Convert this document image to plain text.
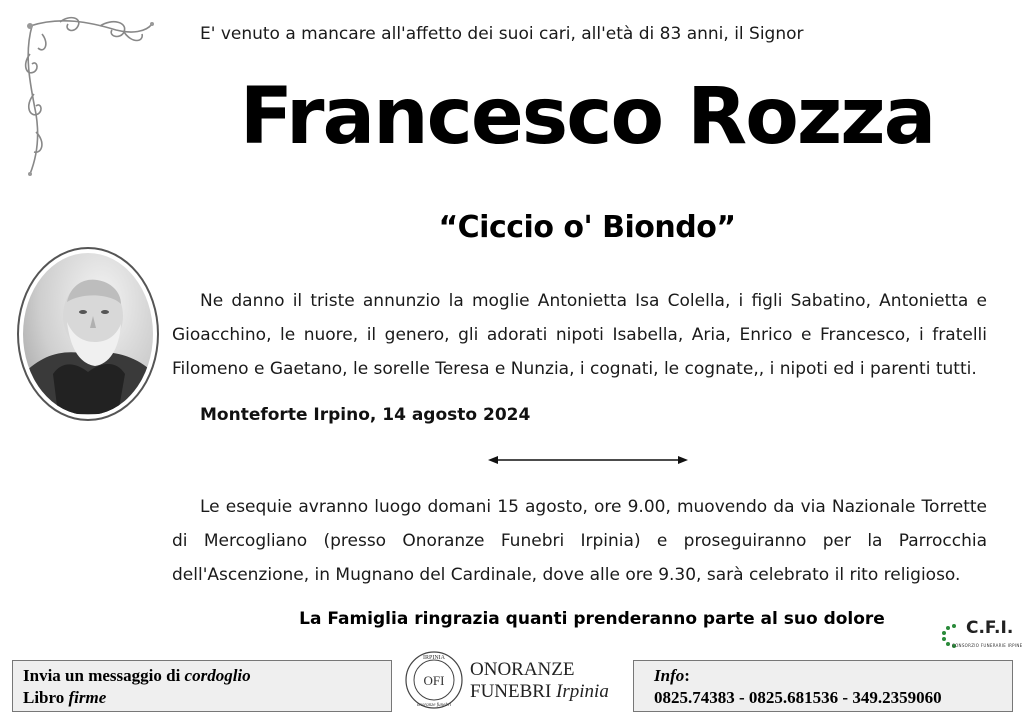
E' venuto a mancare all'affetto dei suoi cari, all'età di 83 anni, il Signor
Francesco Rozza
“Ciccio o' Biondo”
Ne danno il triste annunzio la moglie Antonietta Isa Colella, i figli Sabatino, Antonietta e Gioacchino, le nuore, il genero, gli adorati nipoti Isabella, Aria, Enrico e Francesco, i fratelli Filomeno e Gaetano, le sorelle Teresa e Nunzia, i cognati, le cognate,, i nipoti ed i parenti tutti.
Monteforte Irpino, 14 agosto 2024
Le esequie avranno luogo domani 15 agosto, ore 9.00, muovendo da via Nazionale Torrette di Mercogliano (presso Onoranze Funebri Irpinia) e proseguiranno per la Parrocchia dell'Ascenzione, in Mugnano del Cardinale, dove alle ore 9.30, sarà celebrato il rito religioso.
La Famiglia ringrazia quanti prenderanno parte al suo dolore	C.F.I.
CONSORZIO FUNERARIE IRPINE
Invia un messaggio di cordoglio
Libro firme
IRPINIA
OFI
onoranze funebri
ONORANZE
FUNEBRI Irpinia
Info:
0825.74383 - 0825.681536 - 349.2359060
